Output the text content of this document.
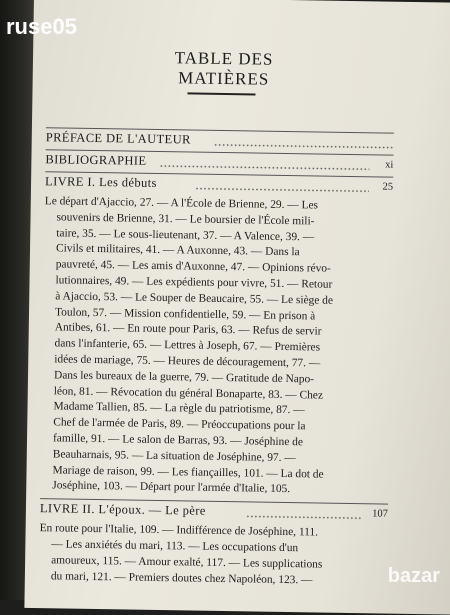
TABLE DES MATIÈRES
PRÉFACE DE L'AUTEUR
BIBLIOGRAPHIE	xi
LIVRE I. Les débuts	25
Le départ d'Ajaccio, 27. — A l'École de Brienne, 29. — Les
souvenirs de Brienne, 31. — Le boursier de l'École mili-
taire, 35. — Le sous-lieutenant, 37. — A Valence, 39. —
Civils et militaires, 41. — A Auxonne, 43. — Dans la
pauvreté, 45. — Les amis d'Auxonne, 47. — Opinions révo-
lutionnaires, 49. — Les expédients pour vivre, 51. — Retour
à Ajaccio, 53. — Le Souper de Beaucaire, 55. — Le siège de
Toulon, 57. — Mission confidentielle, 59. — En prison à
Antibes, 61. — En route pour Paris, 63. — Refus de servir
dans l'infanterie, 65. — Lettres à Joseph, 67. — Premières
idées de mariage, 75. — Heures de découragement, 77. —
Dans les bureaux de la guerre, 79. — Gratitude de Napo-
léon, 81. — Révocation du général Bonaparte, 83. — Chez
Madame Tallien, 85. — La règle du patriotisme, 87. —
Chef de l'armée de Paris, 89. — Préoccupations pour la
famille, 91. — Le salon de Barras, 93. — Joséphine de
Beauharnais, 95. — La situation de Joséphine, 97. —
Mariage de raison, 99. — Les fiançailles, 101. — La dot de
Joséphine, 103. — Départ pour l'armée d'Italie, 105.
LIVRE II. L'époux. — Le père	107
En route pour l'Italie, 109. — Indifférence de Joséphine, 111.
— Les anxiétés du mari, 113. — Les occupations d'un
amoureux, 115. — Amour exalté, 117. — Les supplications
du mari, 121. — Premiers doutes chez Napoléon, 123. —
ruse05
bazar
